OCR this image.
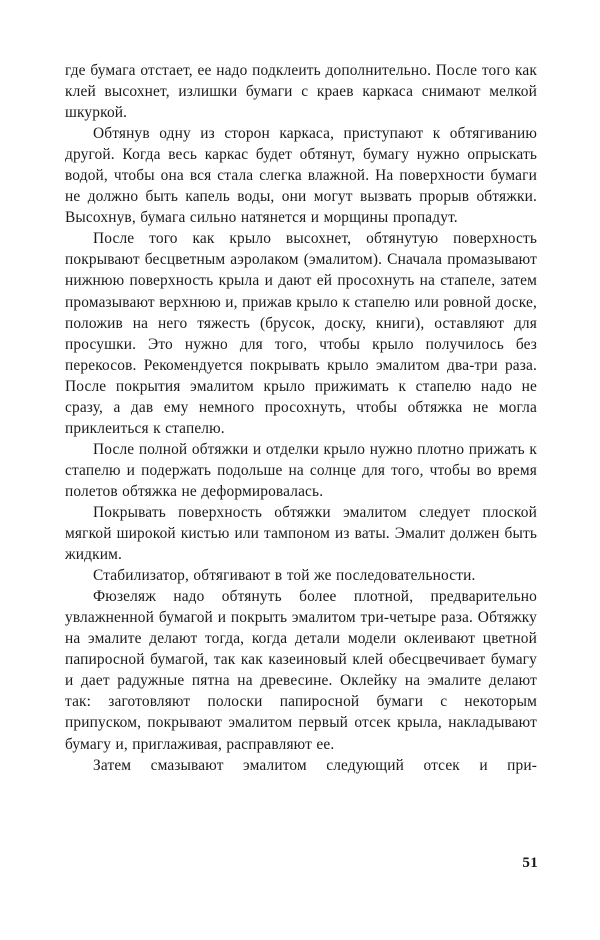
где бумага отстает, ее надо подклеить дополнительно. После того как клей высохнет, излишки бумаги с краев каркаса снимают мелкой шкуркой.

Обтянув одну из сторон каркаса, приступают к обтягиванию другой. Когда весь каркас будет обтянут, бумагу нужно опрыскать водой, чтобы она вся стала слегка влажной. На поверхности бумаги не должно быть капель воды, они могут вызвать прорыв обтяжки. Высохнув, бумага сильно натянется и морщины пропадут.

После того как крыло высохнет, обтянутую поверхность покрывают бесцветным аэролаком (эмалитом). Сначала промазывают нижнюю поверхность крыла и дают ей просохнуть на стапеле, затем промазывают верхнюю и, прижав крыло к стапелю или ровной доске, положив на него тяжесть (брусок, доску, книги), оставляют для просушки. Это нужно для того, чтобы крыло получилось без перекосов. Рекомендуется покрывать крыло эмалитом два-три раза. После покрытия эмалитом крыло прижимать к стапелю надо не сразу, а дав ему немного просохнуть, чтобы обтяжка не могла приклеиться к стапелю.

После полной обтяжки и отделки крыло нужно плотно прижать к стапелю и подержать подольше на солнце для того, чтобы во время полетов обтяжка не деформировалась.

Покрывать поверхность обтяжки эмалитом следует плоской мягкой широкой кистью или тампоном из ваты. Эмалит должен быть жидким.

Стабилизатор, обтягивают в той же последовательности.

Фюзеляж надо обтянуть более плотной, предварительно увлажненной бумагой и покрыть эмалитом три-четыре раза. Обтяжку на эмалите делают тогда, когда детали модели оклеивают цветной папиросной бумагой, так как казеиновый клей обесцвечивает бумагу и дает радужные пятна на древесине. Оклейку на эмалите делают так: заготовляют полоски папиросной бумаги с некоторым припуском, покрывают эмалитом первый отсек крыла, накладывают бумагу и, приглаживая, расправляют ее.

Затем смазывают эмалитом следующий отсек и при-

51
